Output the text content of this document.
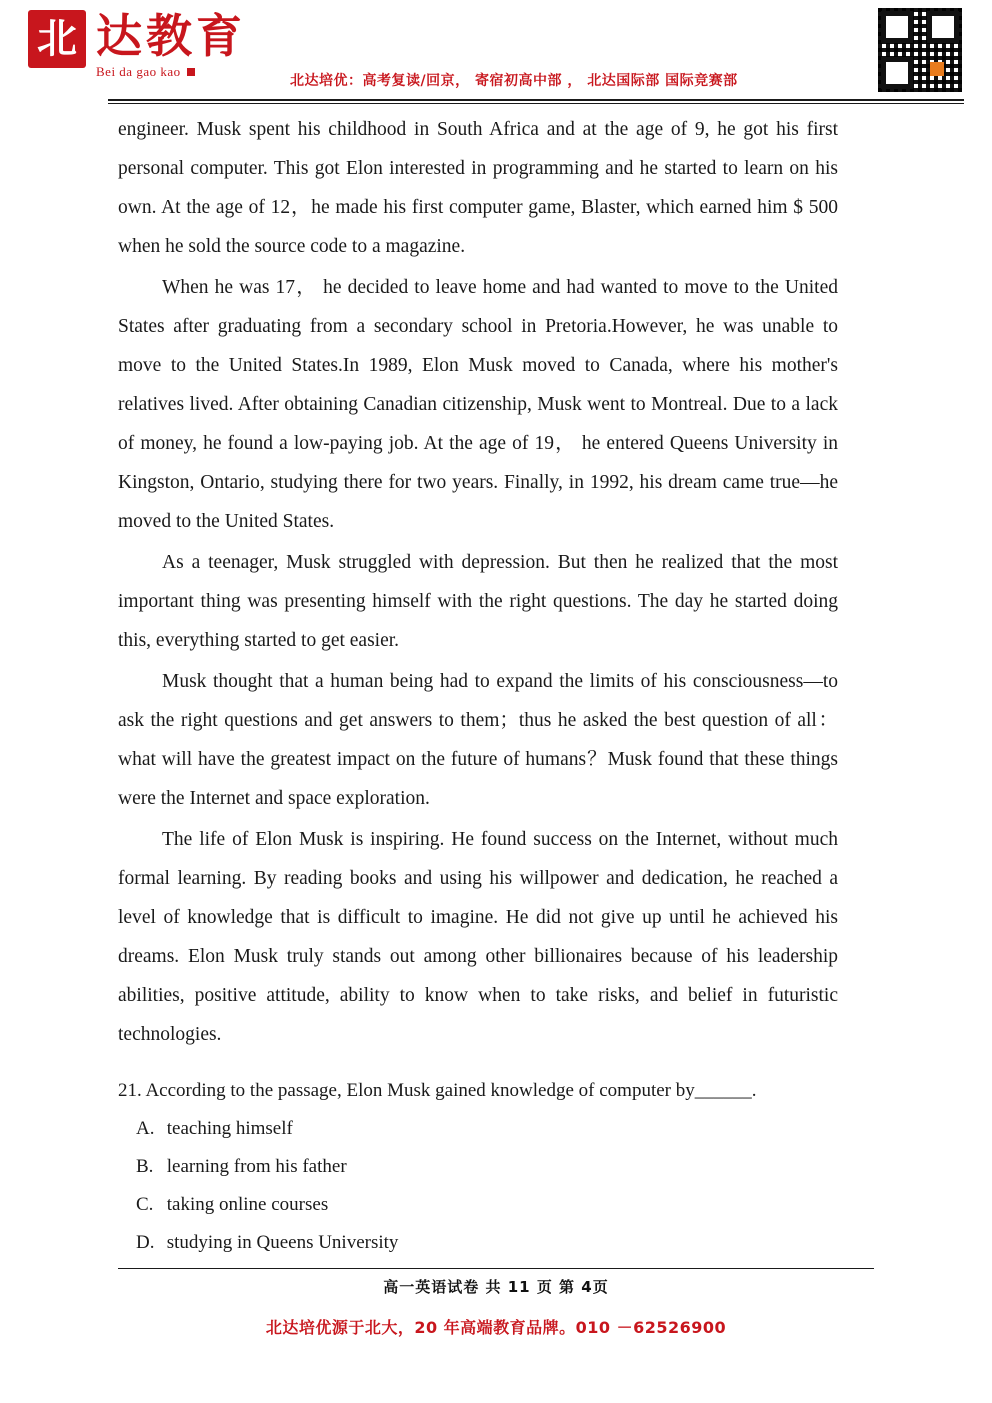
北 达教育
Bei da gao kao
北达培优：高考复读/回京， 寄宿初高中部 ， 北达国际部 国际竞赛部

engineer. Musk spent his childhood in South Africa and at the age of 9, he got his first personal computer. This got Elon interested in programming and he started to learn on his own. At the age of 12，he made his first computer game, Blaster, which earned him $ 500 when he sold the source code to a magazine.

When he was 17， he decided to leave home and had wanted to move to the United States after graduating from a secondary school in Pretoria.However, he was unable to move to the United States.In 1989, Elon Musk moved to Canada, where his mother's relatives lived. After obtaining Canadian citizenship, Musk went to Montreal. Due to a lack of money, he found a low-paying job. At the age of 19， he entered Queens University in Kingston, Ontario, studying there for two years. Finally, in 1992, his dream came true—he moved to the United States.

As a teenager, Musk struggled with depression. But then he realized that the most important thing was presenting himself with the right questions. The day he started doing this, everything started to get easier.

Musk thought that a human being had to expand the limits of his consciousness—to ask the right questions and get answers to them；thus he asked the best question of all：what will have the greatest impact on the future of humans？Musk found that these things were the Internet and space exploration.

The life of Elon Musk is inspiring. He found success on the Internet, without much formal learning. By reading books and using his willpower and dedication, he reached a level of knowledge that is difficult to imagine. He did not give up until he achieved his dreams. Elon Musk truly stands out among other billionaires because of his leadership abilities, positive attitude, ability to know when to take risks, and belief in futuristic technologies.

21. According to the passage, Elon Musk gained knowledge of computer by______.
A. teaching himself
B. learning from his father
C. taking online courses
D. studying in Queens University
高一英语试卷 共 11 页 第 4页
北达培优源于北大，20 年高端教育品牌。010 －62526900
